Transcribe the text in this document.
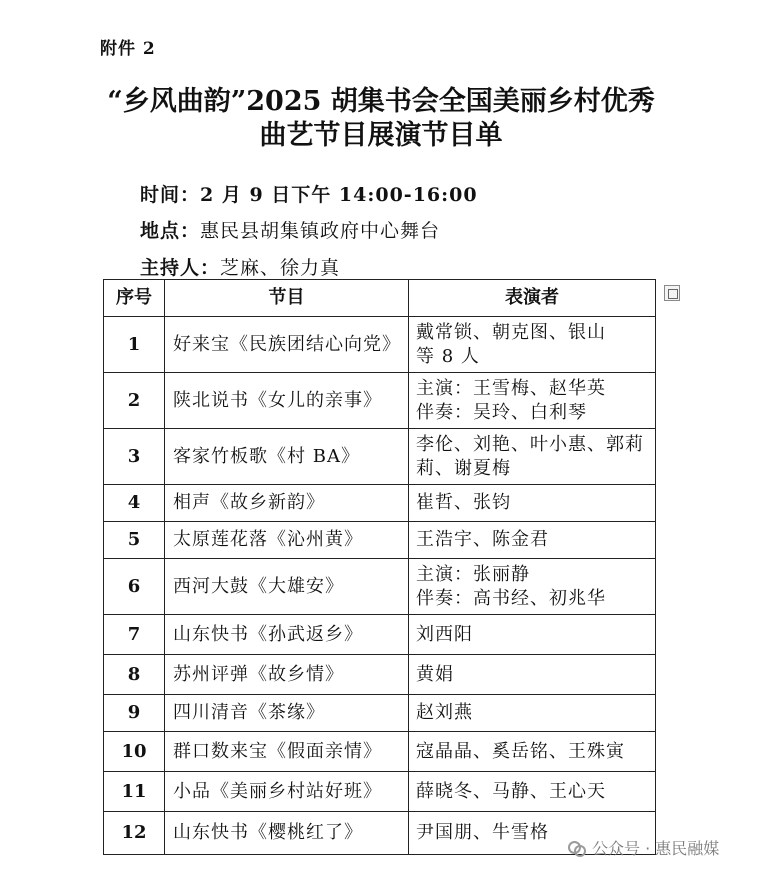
附件 2
“乡风曲韵”2025 胡集书会全国美丽乡村优秀
曲艺节目展演节目单
时间：2 月 9 日下午 14:00-16:00
地点：惠民县胡集镇政府中心舞台
主持人：芝麻、徐力真
序号	节目	表演者
1	好来宝《民族团结心向党》	戴常锁、朝克图、银山
等 8 人

2	陕北说书《女儿的亲事》	主演：王雪梅、赵华英
伴奏：吴玲、白利琴

3	客家竹板歌《村 BA》	李伦、刘艳、叶小惠、郭莉
莉、谢夏梅

4	相声《故乡新韵》	崔哲、张钧

5	太原莲花落《沁州黄》	王浩宇、陈金君

6	西河大鼓《大雄安》	主演：张丽静
伴奏：高书经、初兆华

7	山东快书《孙武返乡》	刘西阳

8	苏州评弹《故乡情》	黄娟

9	四川清音《茶缘》	赵刘燕

10	群口数来宝《假面亲情》	寇晶晶、奚岳铭、王殊寅

11	小品《美丽乡村站好班》	薛晓冬、马静、王心天

12	山东快书《樱桃红了》	尹国朋、牛雪格
公众号 · 惠民融媒
